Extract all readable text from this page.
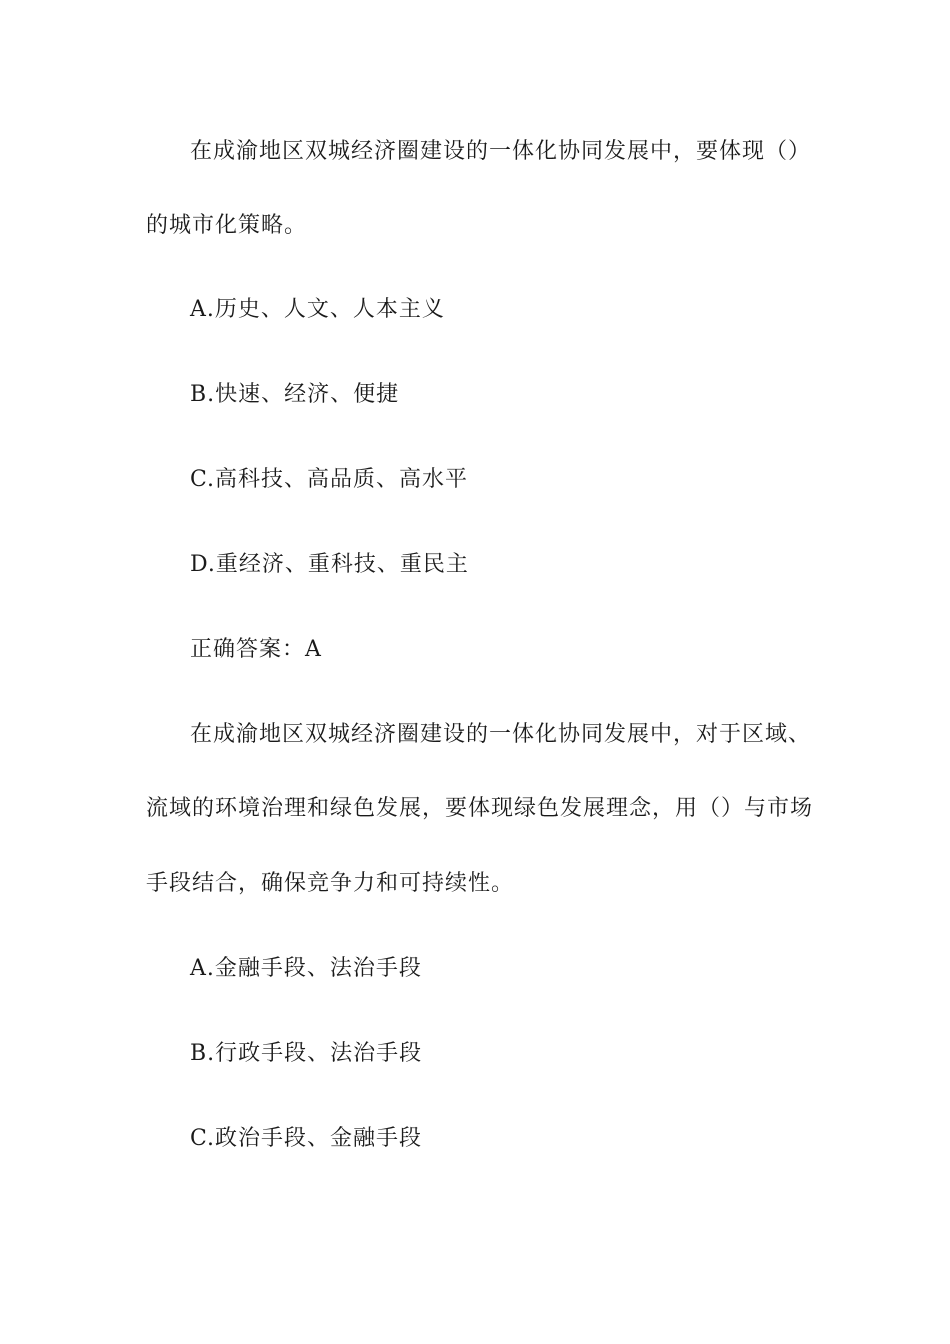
在成渝地区双城经济圈建设的一体化协同发展中，要体现（）
的城市化策略。
A.历史、人文、人本主义
B.快速、经济、便捷
C.高科技、高品质、高水平
D.重经济、重科技、重民主
正确答案：A
在成渝地区双城经济圈建设的一体化协同发展中，对于区域、
流域的环境治理和绿色发展，要体现绿色发展理念，用（）与市场
手段结合，确保竞争力和可持续性。
A.金融手段、法治手段
B.行政手段、法治手段
C.政治手段、金融手段
